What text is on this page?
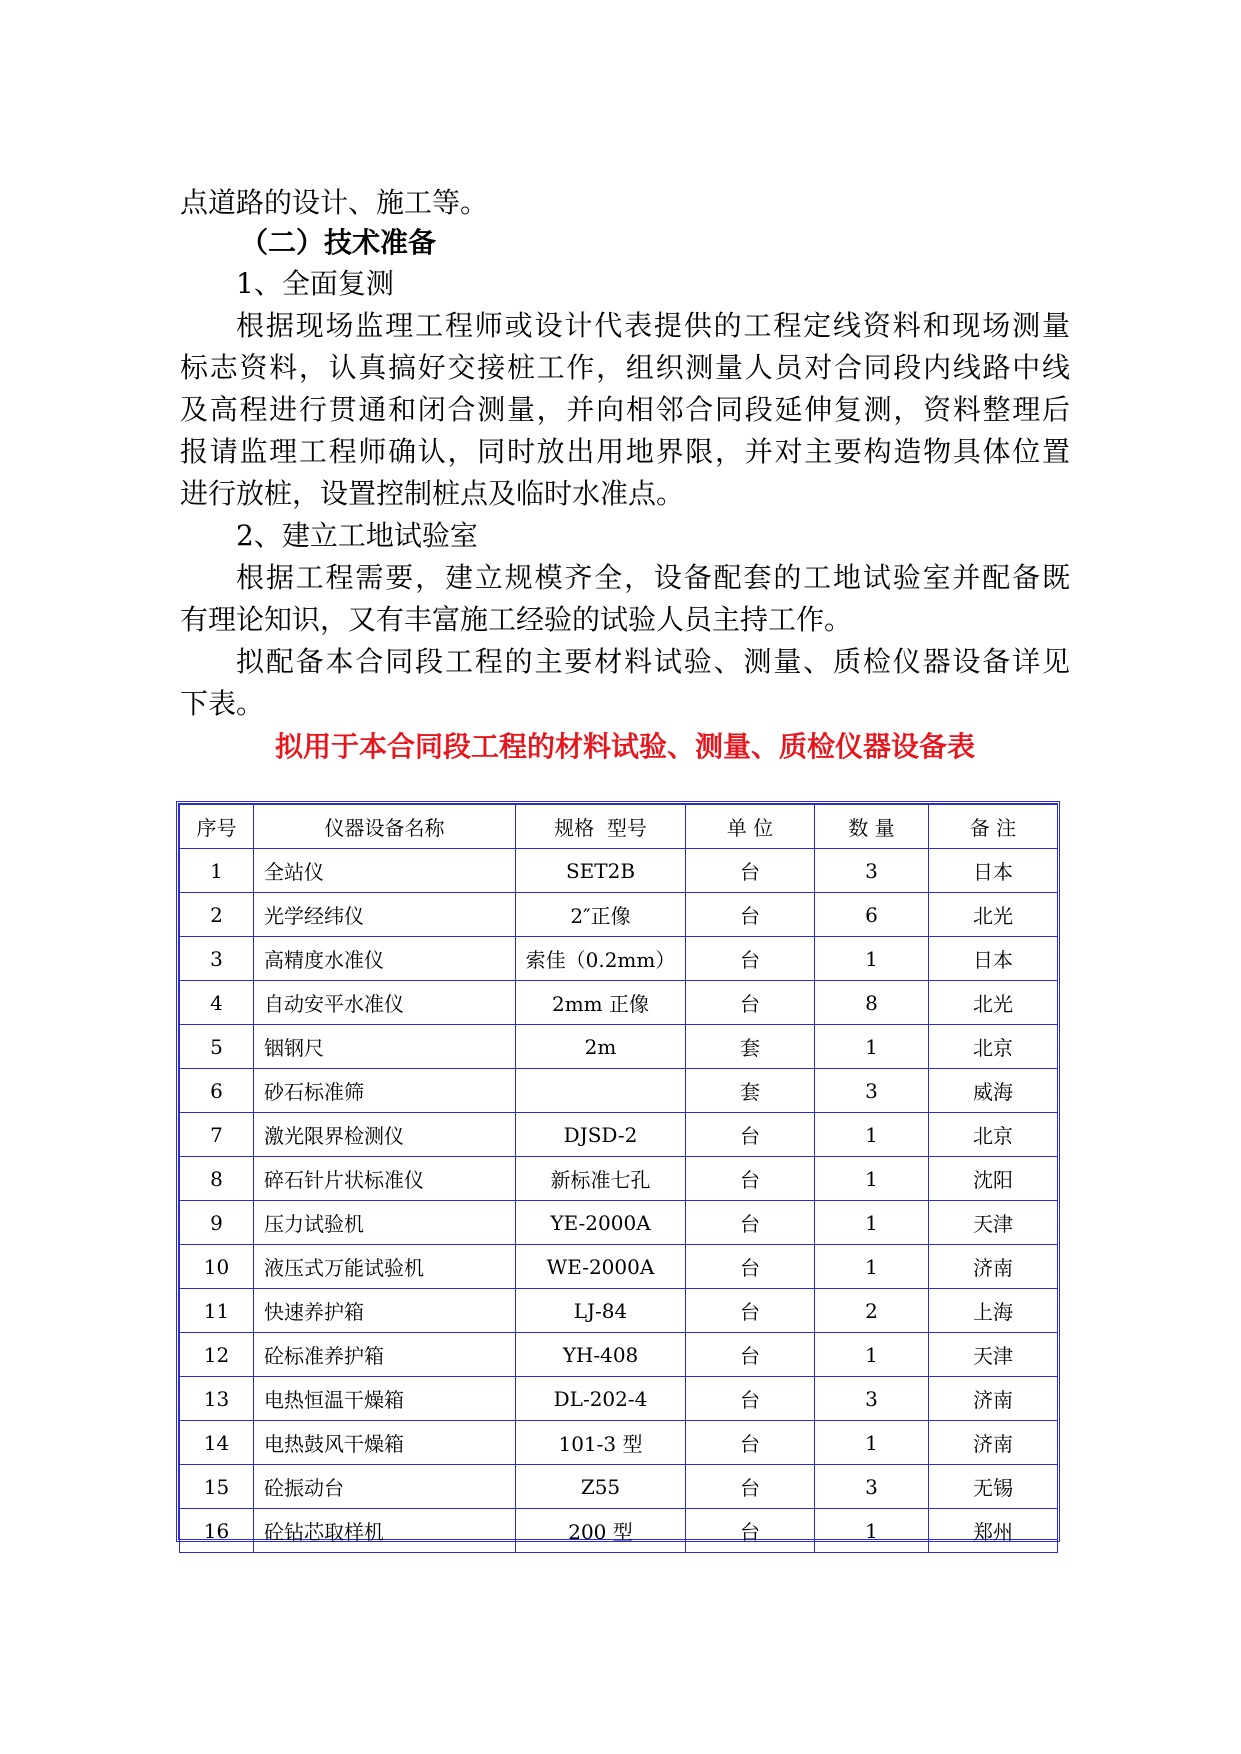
点道路的设计、施工等。
（二）技术准备
1、全面复测
根据现场监理工程师或设计代表提供的工程定线资料和现场测量
标志资料，认真搞好交接桩工作，组织测量人员对合同段内线路中线
及高程进行贯通和闭合测量，并向相邻合同段延伸复测，资料整理后
报请监理工程师确认，同时放出用地界限，并对主要构造物具体位置
进行放桩，设置控制桩点及临时水准点。
2、建立工地试验室
根据工程需要，建立规模齐全，设备配套的工地试验室并配备既
有理论知识，又有丰富施工经验的试验人员主持工作。
拟配备本合同段工程的主要材料试验、测量、质检仪器设备详见
下表。
拟用于本合同段工程的材料试验、测量、质检仪器设备表
序号	仪器设备名称	规格  型号	单 位	数 量	备 注
1	全站仪	SET2B	台	3	日本
2	光学经纬仪	2″正像	台	6	北光
3	高精度水准仪	索佳（0.2mm）	台	1	日本
4	自动安平水准仪	2mm 正像	台	8	北光
5	铟钢尺	2m	套	1	北京
6	砂石标准筛		套	3	威海
7	激光限界检测仪	DJSD-2	台	1	北京
8	碎石针片状标准仪	新标准七孔	台	1	沈阳
9	压力试验机	YE-2000A	台	1	天津
10	液压式万能试验机	WE-2000A	台	1	济南
11	快速养护箱	LJ-84	台	2	上海
12	砼标准养护箱	YH-408	台	1	天津
13	电热恒温干燥箱	DL-202-4	台	3	济南
14	电热鼓风干燥箱	101-3 型	台	1	济南
15	砼振动台	Z55	台	3	无锡
16	砼钻芯取样机	200 型	台	1	郑州
